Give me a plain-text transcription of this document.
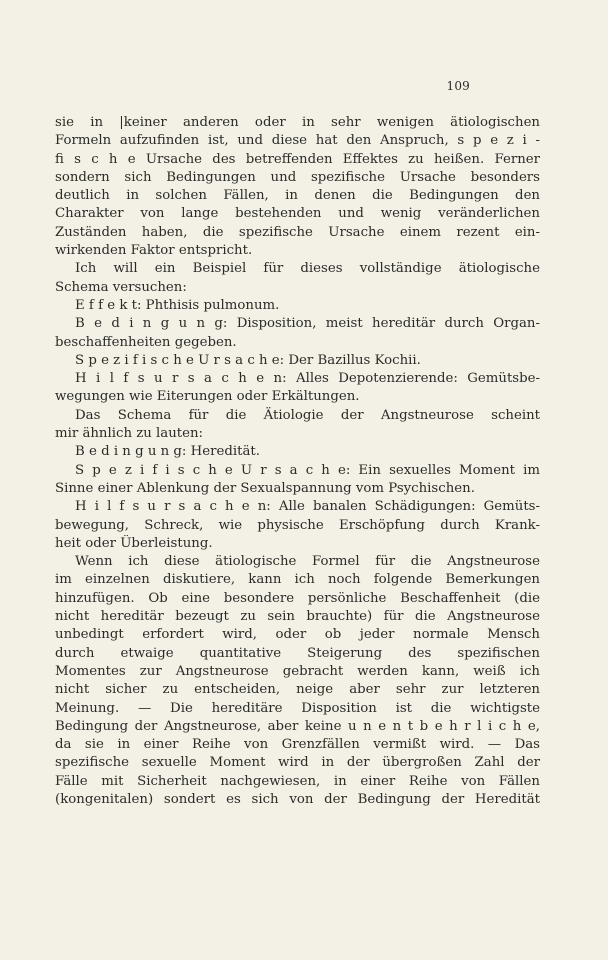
109
sie in |keiner anderen oder in sehr wenigen ätiologischen
Formeln aufzufinden ist, und diese hat den Anspruch, s p e z i -
fi s c h e Ursache des betreffenden Effektes zu heißen. Ferner
sondern sich Bedingungen und spezifische Ursache besonders
deutlich in solchen Fällen, in denen die Bedingungen den
Charakter von lange bestehenden und wenig veränderlichen
Zuständen haben, die spezifische Ursache einem rezent ein-
wirkenden Faktor entspricht.
Ich will ein Beispiel für dieses vollständige ätiologische
Schema versuchen:
E f f e k t: Phthisis pulmonum.
B e d i n g u n g: Disposition, meist hereditär durch Organ-
beschaffenheiten gegeben.
S p e z i f i s c h e U r s a c h e: Der Bazillus Kochii.
H i l f s u r s a c h e n: Alles Depotenzierende: Gemütsbe-
wegungen wie Eiterungen oder Erkältungen.
Das Schema für die Ätiologie der Angstneurose scheint
mir ähnlich zu lauten:
B e d i n g u n g: Heredität.
S p e z i f i s c h e U r s a c h e: Ein sexuelles Moment im
Sinne einer Ablenkung der Sexualspannung vom Psychischen.
H i l f s u r s a c h e n: Alle banalen Schädigungen: Gemüts-
bewegung, Schreck, wie physische Erschöpfung durch Krank-
heit oder Überleistung.
Wenn ich diese ätiologische Formel für die Angstneurose
im einzelnen diskutiere, kann ich noch folgende Bemerkungen
hinzufügen. Ob eine besondere persönliche Beschaffenheit (die
nicht hereditär bezeugt zu sein brauchte) für die Angstneurose
unbedingt erfordert wird, oder ob jeder normale Mensch
durch etwaige quantitative Steigerung des spezifischen
Momentes zur Angstneurose gebracht werden kann, weiß ich
nicht sicher zu entscheiden, neige aber sehr zur letzteren
Meinung. — Die hereditäre Disposition ist die wichtigste
Bedingung der Angstneurose, aber keine u n e n t b e h r l i c h e,
da sie in einer Reihe von Grenzfällen vermißt wird. — Das
spezifische sexuelle Moment wird in der übergroßen Zahl der
Fälle mit Sicherheit nachgewiesen, in einer Reihe von Fällen
(kongenitalen) sondert es sich von der Bedingung der Heredität
